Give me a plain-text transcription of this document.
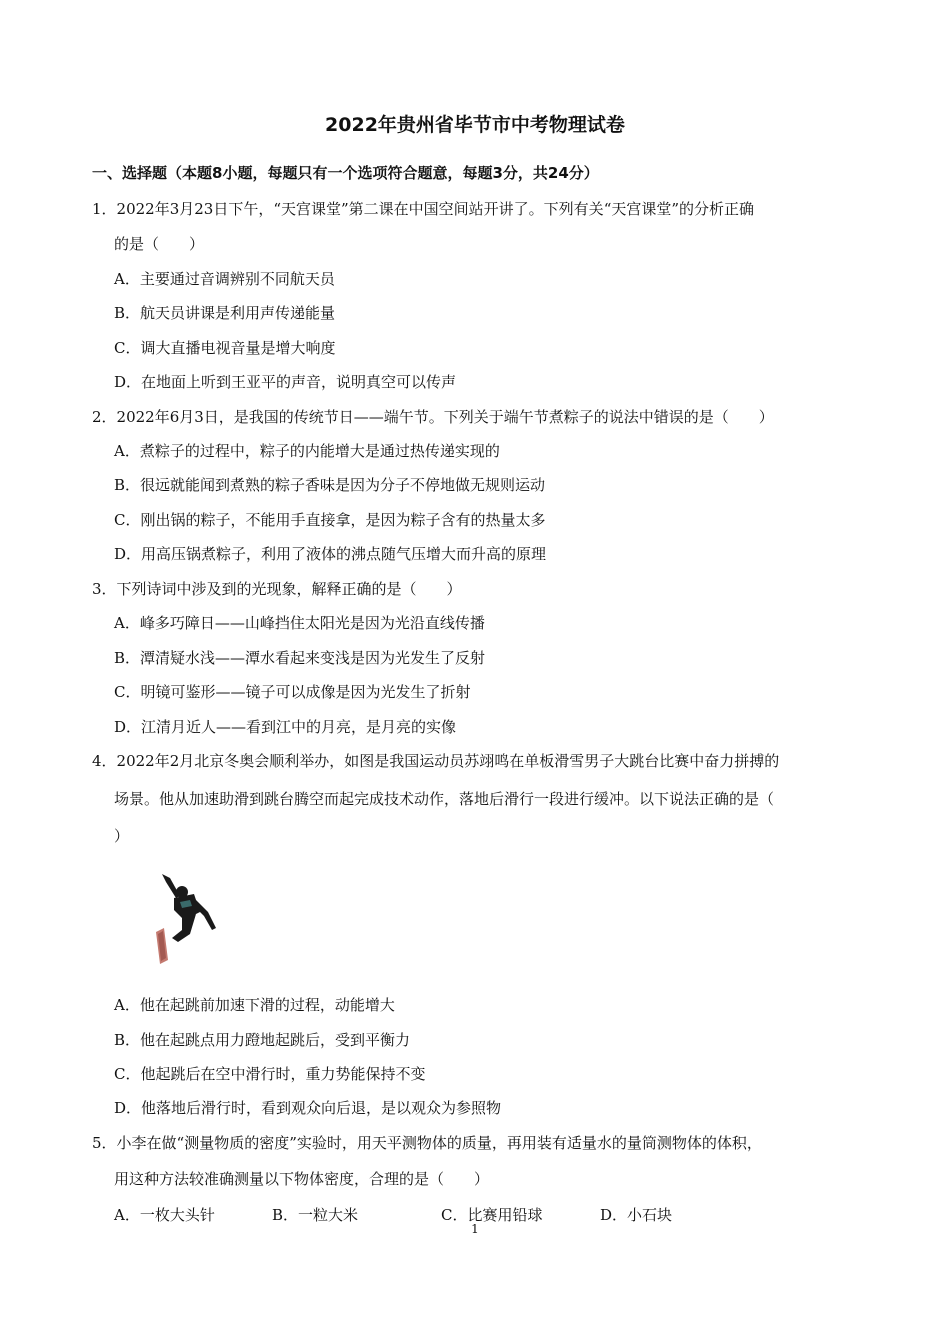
2022年贵州省毕节市中考物理试卷
一、选择题（本题8小题，每题只有一个选项符合题意，每题3分，共24分）
1．2022年3月23日下午，“天宫课堂”第二课在中国空间站开讲了。下列有关“天宫课堂”的分析正确
的是（　　）
A．主要通过音调辨别不同航天员
B．航天员讲课是利用声传递能量
C．调大直播电视音量是增大响度
D．在地面上听到王亚平的声音，说明真空可以传声
2．2022年6月3日，是我国的传统节日——端午节。下列关于端午节煮粽子的说法中错误的是（　　）
A．煮粽子的过程中，粽子的内能增大是通过热传递实现的
B．很远就能闻到煮熟的粽子香味是因为分子不停地做无规则运动
C．刚出锅的粽子，不能用手直接拿，是因为粽子含有的热量太多
D．用高压锅煮粽子，利用了液体的沸点随气压增大而升高的原理
3．下列诗词中涉及到的光现象，解释正确的是（　　）
A．峰多巧障日——山峰挡住太阳光是因为光沿直线传播
B．潭清疑水浅——潭水看起来变浅是因为光发生了反射
C．明镜可鉴形——镜子可以成像是因为光发生了折射
D．江清月近人——看到江中的月亮，是月亮的实像
4．2022年2月北京冬奥会顺利举办，如图是我国运动员苏翊鸣在单板滑雪男子大跳台比赛中奋力拼搏的
场景。他从加速助滑到跳台腾空而起完成技术动作，落地后滑行一段进行缓冲。以下说法正确的是（
）
A．他在起跳前加速下滑的过程，动能增大
B．他在起跳点用力蹬地起跳后，受到平衡力
C．他起跳后在空中滑行时，重力势能保持不变
D．他落地后滑行时，看到观众向后退，是以观众为参照物
5．小李在做“测量物质的密度”实验时，用天平测物体的质量，再用装有适量水的量筒测物体的体积，
用这种方法较准确测量以下物体密度，合理的是（　　）
A．一枚大头针	B．一粒大米	C．比赛用铅球	D．小石块
1
